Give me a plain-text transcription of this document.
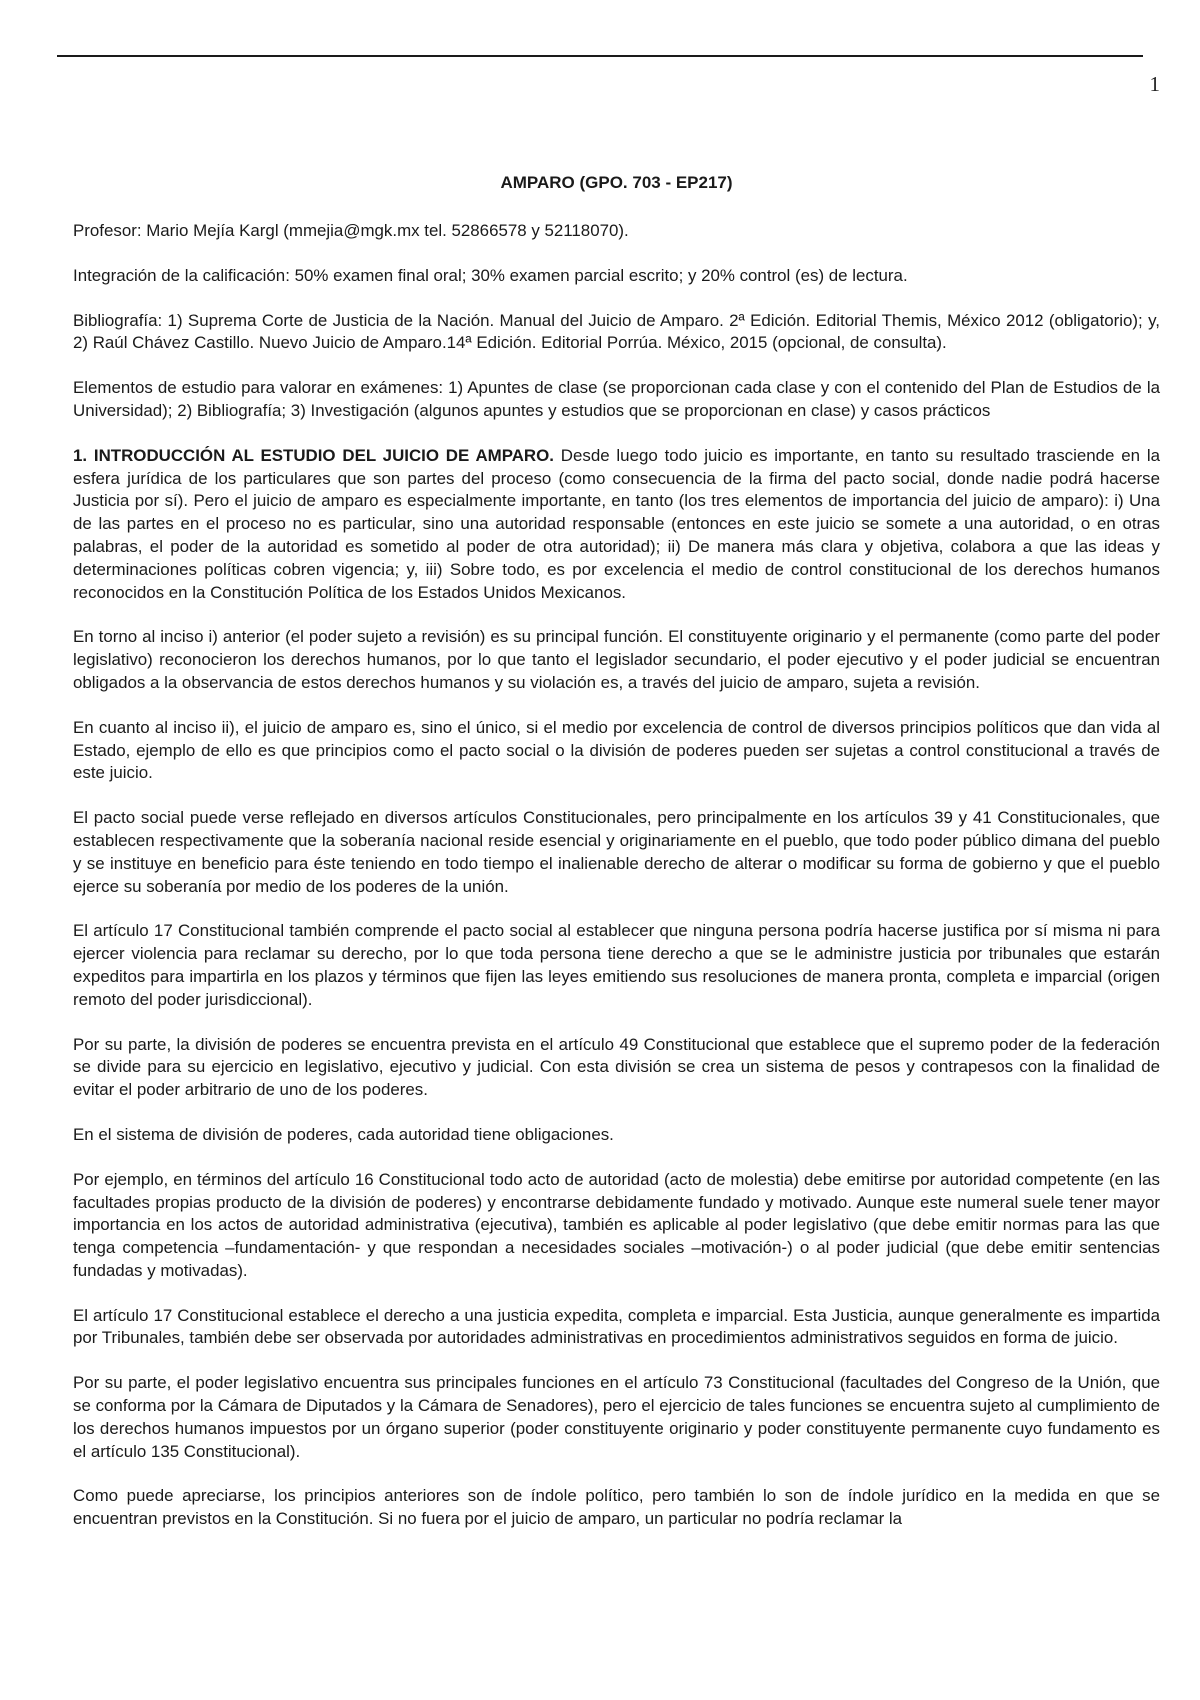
1
AMPARO (GPO. 703 - EP217)

Profesor: Mario Mejía Kargl (mmejia@mgk.mx tel. 52866578 y 52118070).

Integración de la calificación: 50% examen final oral; 30% examen parcial escrito; y 20% control (es) de lectura.

Bibliografía: 1) Suprema Corte de Justicia de la Nación. Manual del Juicio de Amparo. 2ª Edición. Editorial Themis, México 2012 (obligatorio); y, 2) Raúl Chávez Castillo. Nuevo Juicio de Amparo.14ª Edición. Editorial Porrúa. México, 2015 (opcional, de consulta).

Elementos de estudio para valorar en exámenes: 1) Apuntes de clase (se proporcionan cada clase y con el contenido del Plan de Estudios de la Universidad); 2) Bibliografía; 3) Investigación (algunos apuntes y estudios que se proporcionan en clase) y casos prácticos

1. INTRODUCCIÓN AL ESTUDIO DEL JUICIO DE AMPARO. Desde luego todo juicio es importante, en tanto su resultado trasciende en la esfera jurídica de los particulares que son partes del proceso (como consecuencia de la firma del pacto social, donde nadie podrá hacerse Justicia por sí). Pero el juicio de amparo es especialmente importante, en tanto (los tres elementos de importancia del juicio de amparo): i) Una de las partes en el proceso no es particular, sino una autoridad responsable (entonces en este juicio se somete a una autoridad, o en otras palabras, el poder de la autoridad es sometido al poder de otra autoridad); ii) De manera más clara y objetiva, colabora a que las ideas y determinaciones políticas cobren vigencia; y, iii) Sobre todo, es por excelencia el medio de control constitucional de los derechos humanos reconocidos en la Constitución Política de los Estados Unidos Mexicanos.

En torno al inciso i) anterior (el poder sujeto a revisión) es su principal función. El constituyente originario y el permanente (como parte del poder legislativo) reconocieron los derechos humanos, por lo que tanto el legislador secundario, el poder ejecutivo y el poder judicial se encuentran obligados a la observancia de estos derechos humanos y su violación es, a través del juicio de amparo, sujeta a revisión.

En cuanto al inciso ii), el juicio de amparo es, sino el único, si el medio por excelencia de control de diversos principios políticos que dan vida al Estado, ejemplo de ello es que principios como el pacto social o la división de poderes pueden ser sujetas a control constitucional a través de este juicio.

El pacto social puede verse reflejado en diversos artículos Constitucionales, pero principalmente en los artículos 39 y 41 Constitucionales, que establecen respectivamente que la soberanía nacional reside esencial y originariamente en el pueblo, que todo poder público dimana del pueblo y se instituye en beneficio para éste teniendo en todo tiempo el inalienable derecho de alterar o modificar su forma de gobierno y que el pueblo ejerce su soberanía por medio de los poderes de la unión.

El artículo 17 Constitucional también comprende el pacto social al establecer que ninguna persona podría hacerse justifica por sí misma ni para ejercer violencia para reclamar su derecho, por lo que toda persona tiene derecho a que se le administre justicia por tribunales que estarán expeditos para impartirla en los plazos y términos que fijen las leyes emitiendo sus resoluciones de manera pronta, completa e imparcial (origen remoto del poder jurisdiccional).

Por su parte, la división de poderes se encuentra prevista en el artículo 49 Constitucional que establece que el supremo poder de la federación se divide para su ejercicio en legislativo, ejecutivo y judicial. Con esta división se crea un sistema de pesos y contrapesos con la finalidad de evitar el poder arbitrario de uno de los poderes.

En el sistema de división de poderes, cada autoridad tiene obligaciones.

Por ejemplo, en términos del artículo 16 Constitucional todo acto de autoridad (acto de molestia) debe emitirse por autoridad competente (en las facultades propias producto de la división de poderes) y encontrarse debidamente fundado y motivado. Aunque este numeral suele tener mayor importancia en los actos de autoridad administrativa (ejecutiva), también es aplicable al poder legislativo (que debe emitir normas para las que tenga competencia –fundamentación- y que respondan a necesidades sociales –motivación-) o al poder judicial (que debe emitir sentencias fundadas y motivadas).

El artículo 17 Constitucional establece el derecho a una justicia expedita, completa e imparcial. Esta Justicia, aunque generalmente es impartida por Tribunales, también debe ser observada por autoridades administrativas en procedimientos administrativos seguidos en forma de juicio.

Por su parte, el poder legislativo encuentra sus principales funciones en el artículo 73 Constitucional (facultades del Congreso de la Unión, que se conforma por la Cámara de Diputados y la Cámara de Senadores), pero el ejercicio de tales funciones se encuentra sujeto al cumplimiento de los derechos humanos impuestos por un órgano superior (poder constituyente originario y poder constituyente permanente cuyo fundamento es el artículo 135 Constitucional).

Como puede apreciarse, los principios anteriores son de índole político, pero también lo son de índole jurídico en la medida en que se encuentran previstos en la Constitución. Si no fuera por el juicio de amparo, un particular no podría reclamar la
